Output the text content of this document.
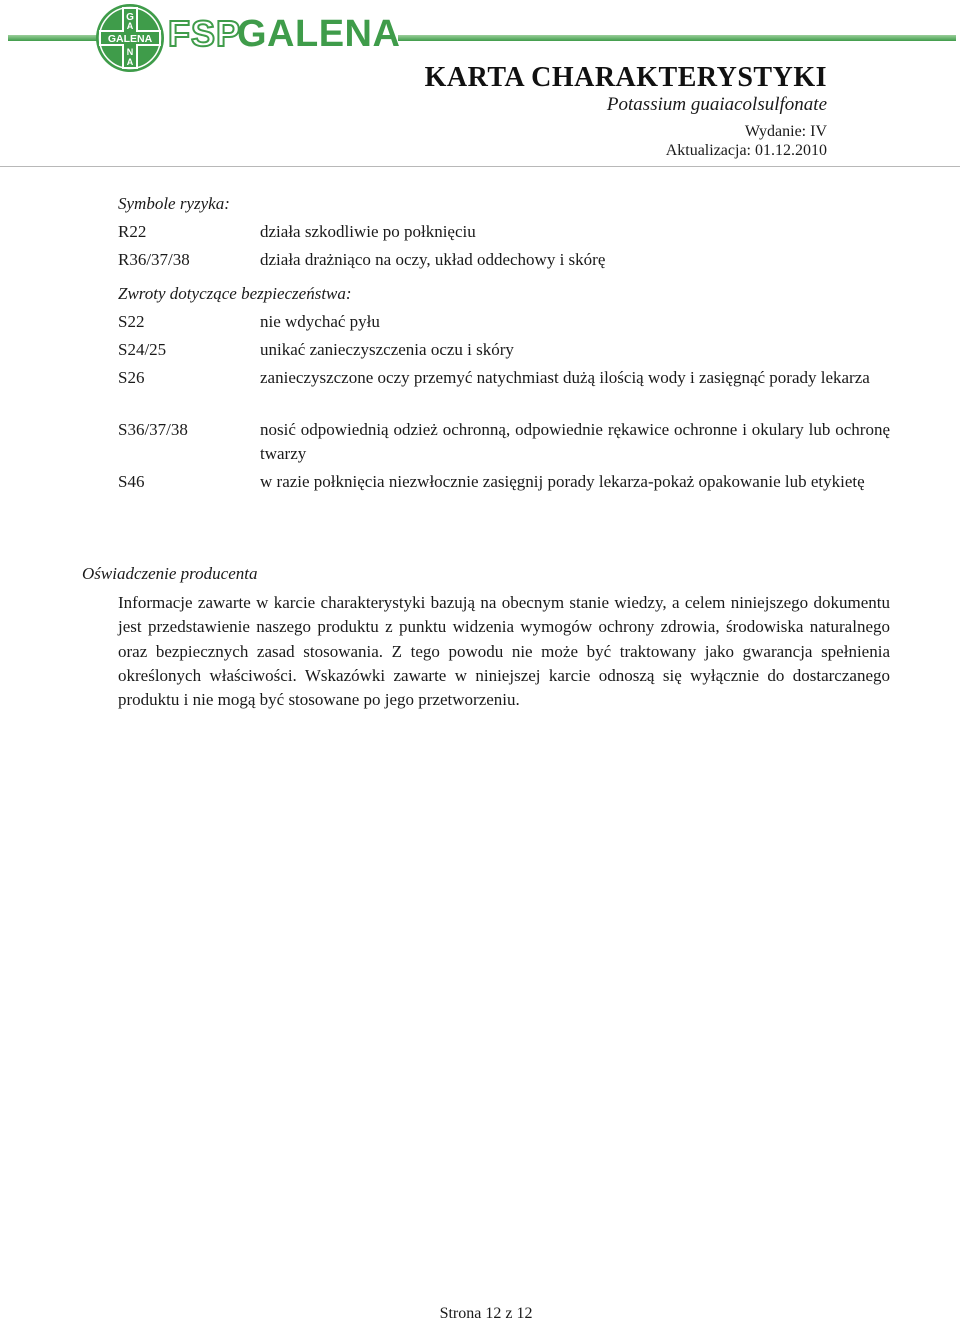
G
A
GALENA
N
A
FSP
GALENA
KARTA CHARAKTERYSTYKI
Potassium guaiacolsulfonate
Wydanie: IV
Aktualizacja: 01.12.2010
Symbole ryzyka:
R22	działa szkodliwie po połknięciu
R36/37/38	działa drażniąco na oczy, układ oddechowy i skórę
Zwroty dotyczące bezpieczeństwa:
S22	nie wdychać pyłu
S24/25	unikać zanieczyszczenia oczu i skóry
S26	zanieczyszczone oczy przemyć natychmiast dużą ilością wody i zasięgnąć porady lekarza
S36/37/38	nosić odpowiednią odzież ochronną, odpowiednie rękawice ochronne i okulary lub ochronę twarzy
S46	w razie połknięcia niezwłocznie zasięgnij porady lekarza-pokaż opakowanie lub etykietę
Oświadczenie producenta
Informacje zawarte w karcie charakterystyki bazują na obecnym stanie wiedzy, a celem niniejszego dokumentu jest przedstawienie naszego produktu z punktu widzenia wymogów ochrony zdrowia, środowiska naturalnego oraz bezpiecznych zasad stosowania. Z tego powodu nie może być traktowany jako gwarancja spełnienia określonych właściwości. Wskazówki zawarte w niniejszej karcie odnoszą się wyłącznie do dostarczanego produktu i nie mogą być stosowane po jego przetworzeniu.
Strona 12 z 12
